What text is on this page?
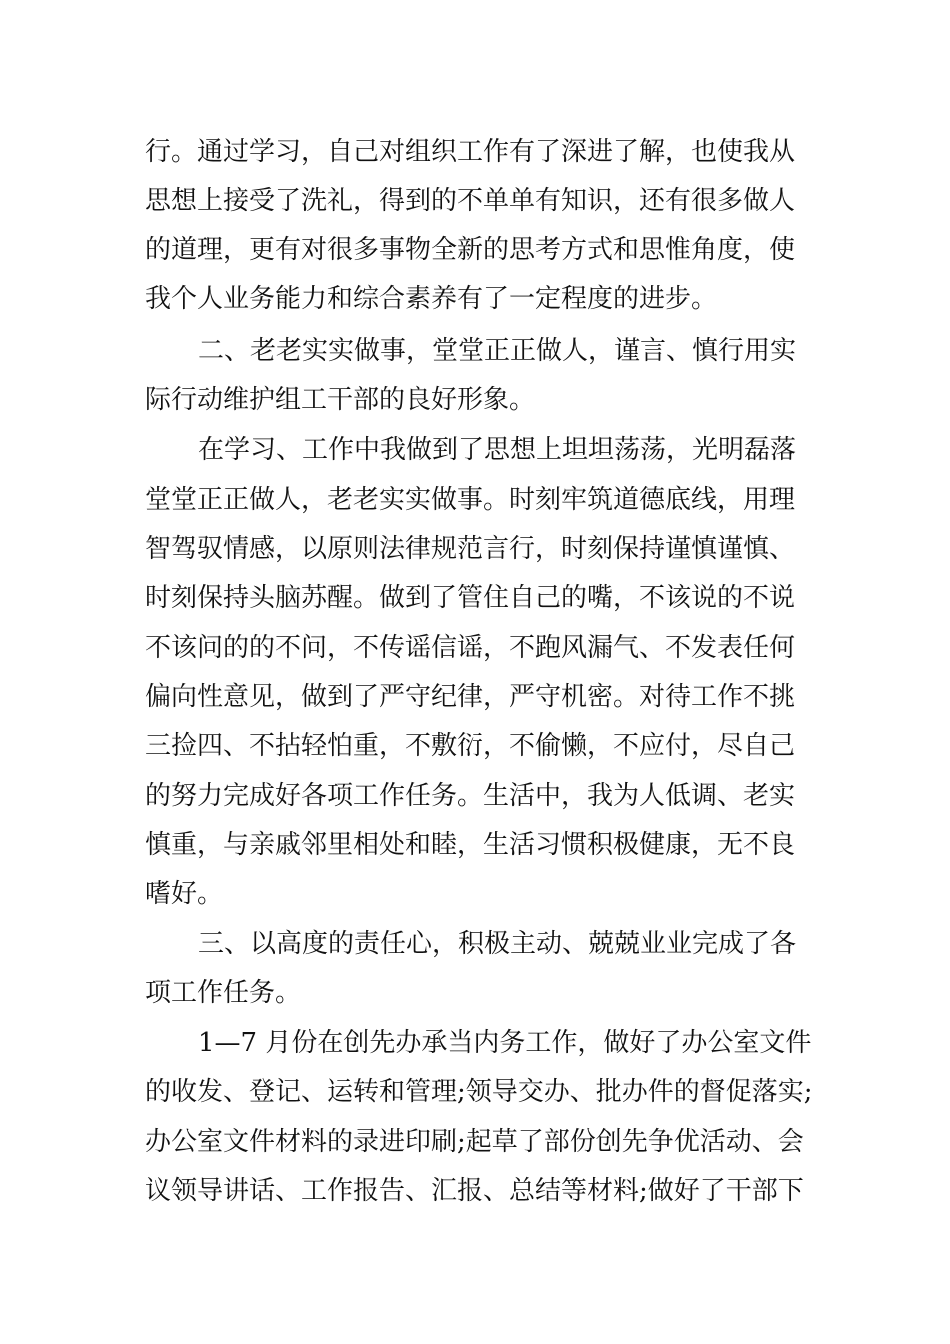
行。通过学习，自己对组织工作有了深进了解，也使我从
思想上接受了洗礼，得到的不单单有知识，还有很多做人
的道理，更有对很多事物全新的思考方式和思惟角度，使
我个人业务能力和综合素养有了一定程度的进步。
二、老老实实做事，堂堂正正做人，谨言、慎行用实
际行动维护组工干部的良好形象。
在学习、工作中我做到了思想上坦坦荡荡，光明磊落
堂堂正正做人，老老实实做事。时刻牢筑道德底线，用理
智驾驭情感，以原则法律规范言行，时刻保持谨慎谨慎、
时刻保持头脑苏醒。做到了管住自己的嘴，不该说的不说
不该问的的不问，不传谣信谣，不跑风漏气、不发表任何
偏向性意见，做到了严守纪律，严守机密。对待工作不挑
三捡四、不拈轻怕重，不敷衍，不偷懒，不应付，尽自己
的努力完成好各项工作任务。生活中，我为人低调、老实
慎重，与亲戚邻里相处和睦，生活习惯积极健康，无不良
嗜好。
三、以高度的责任心，积极主动、兢兢业业完成了各
项工作任务。
1—7 月份在创先办承当内务工作，做好了办公室文件
的收发、登记、运转和管理;领导交办、批办件的督促落实;
办公室文件材料的录进印刷;起草了部份创先争优活动、会
议领导讲话、工作报告、汇报、总结等材料;做好了干部下
